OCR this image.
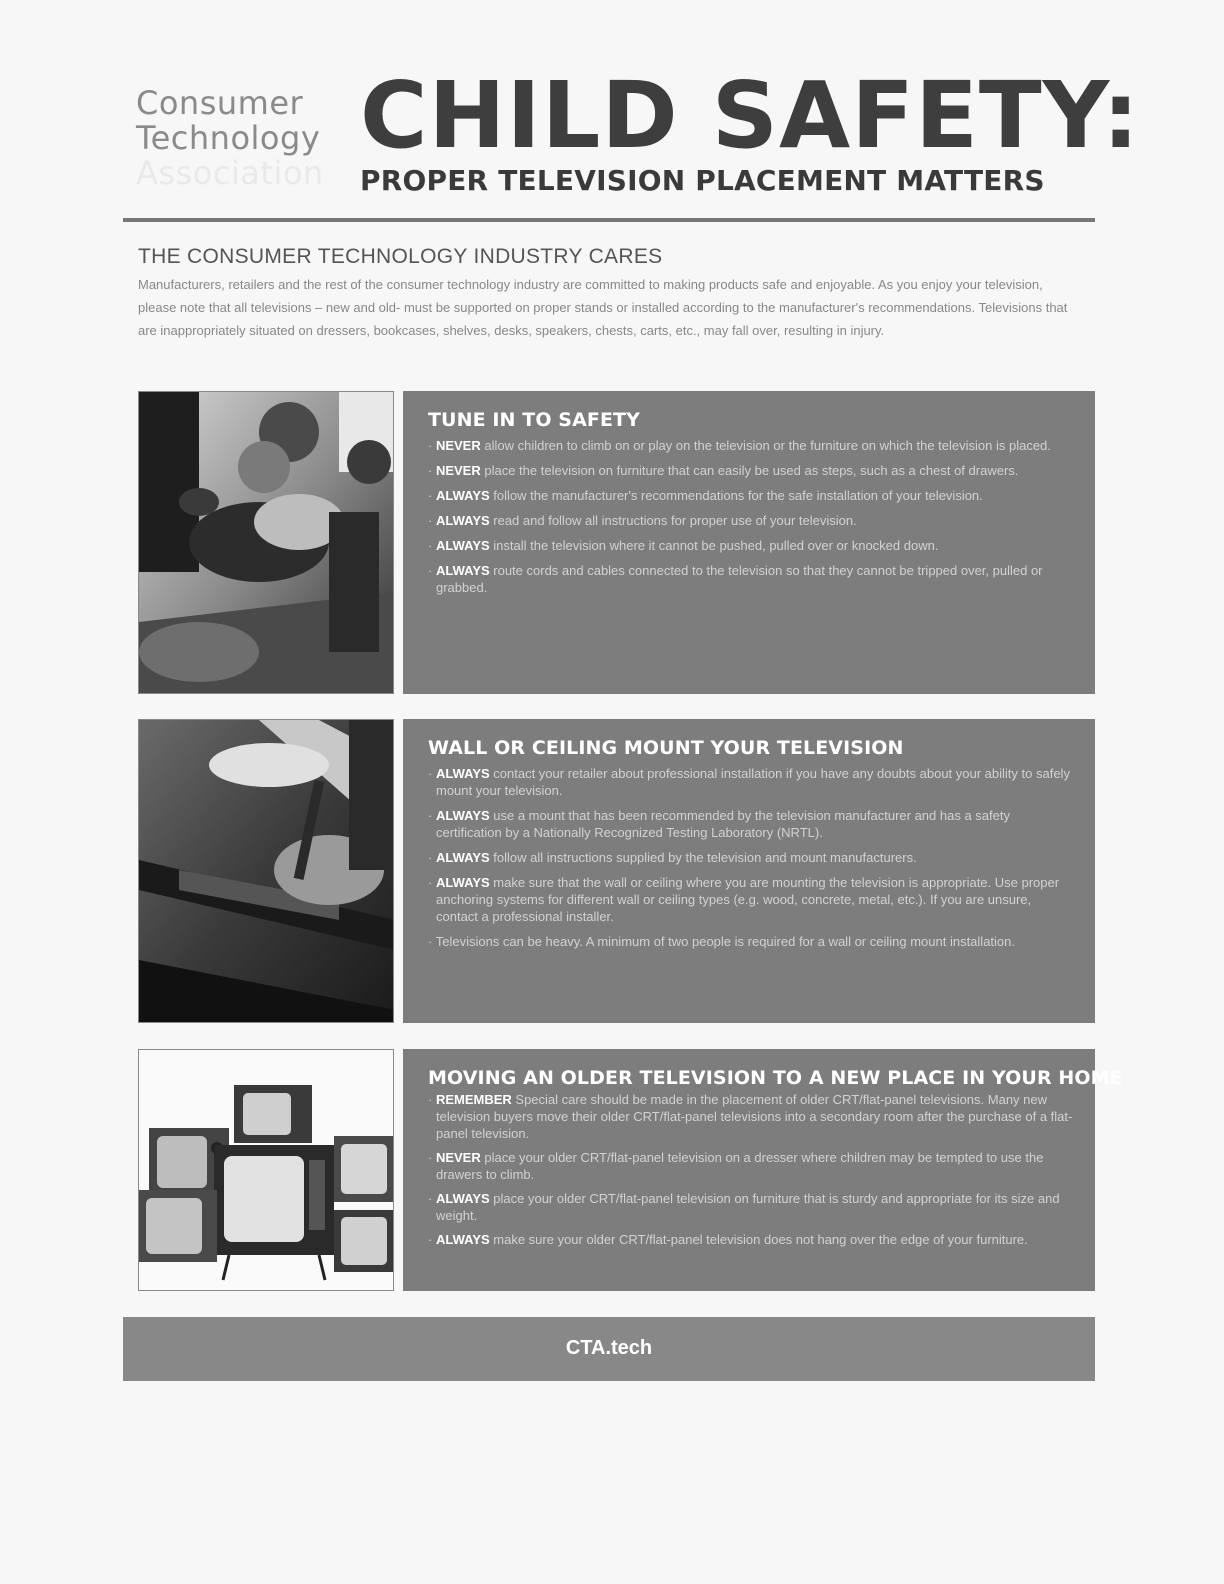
Consumer
Technology
Association
CHILD SAFETY:
PROPER TELEVISION PLACEMENT MATTERS
THE CONSUMER TECHNOLOGY INDUSTRY CARES
Manufacturers, retailers and the rest of the consumer technology industry are committed to making products safe and enjoyable. As you enjoy your television, please note that all televisions – new and old- must be supported on proper stands or installed according to the manufacturer's recommendations. Televisions that are inappropriately situated on dressers, bookcases, shelves, desks, speakers, chests, carts, etc., may fall over, resulting in injury.
TUNE IN TO SAFETY
· NEVER allow children to climb on or play on the television or the furniture on which the television is placed.
· NEVER place the television on furniture that can easily be used as steps, such as a chest of drawers.
· ALWAYS follow the manufacturer's recommendations for the safe installation of your television.
· ALWAYS read and follow all instructions for proper use of your television.
· ALWAYS install the television where it cannot be pushed, pulled over or knocked down.
· ALWAYS route cords and cables connected to the television so that they cannot be tripped over, pulled or grabbed.
WALL OR CEILING MOUNT YOUR TELEVISION
· ALWAYS contact your retailer about professional installation if you have any doubts about your ability to safely mount your television.
· ALWAYS use a mount that has been recommended by the television manufacturer and has a safety certification by a Nationally Recognized Testing Laboratory (NRTL).
· ALWAYS follow all instructions supplied by the television and mount manufacturers.
· ALWAYS make sure that the wall or ceiling where you are mounting the television is appropriate. Use proper anchoring systems for different wall or ceiling types (e.g. wood, concrete, metal, etc.). If you are unsure, contact a professional installer.
· Televisions can be heavy. A minimum of two people is required for a wall or ceiling mount installation.
MOVING AN OLDER TELEVISION TO A NEW PLACE IN YOUR HOME
· REMEMBER Special care should be made in the placement of older CRT/flat-panel televisions. Many new television buyers move their older CRT/flat-panel televisions into a secondary room after the purchase of a flat-panel television.
· NEVER place your older CRT/flat-panel television on a dresser where children may be tempted to use the drawers to climb.
· ALWAYS place your older CRT/flat-panel television on furniture that is sturdy and appropriate for its size and weight.
· ALWAYS make sure your older CRT/flat-panel television does not hang over the edge of your furniture.
CTA.tech
